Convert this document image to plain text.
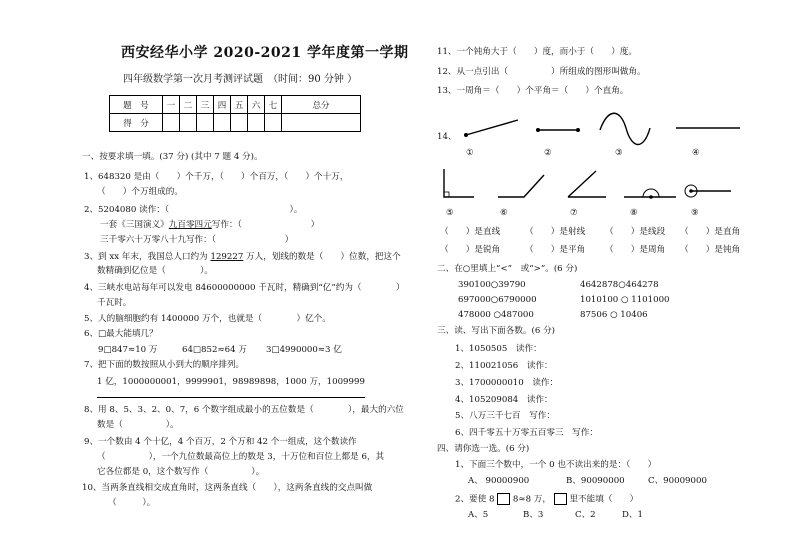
西安经华小学 2020-2021 学年度第一学期
四年级数学第一次月考测评试题　（时间：90 分钟 ）
题　号	一	二	三	四	五	六	七	总分
得　分								
一、按要求填一填。(37 分) (其中 7 题 4 分)。
1、648320 是由（　　）个千万，（　　）个百万，（　　）个十万，
（　　）个万组成的。
2、5204080 读作：（　　　　　　　　　　　　　　）。
一套《三国演义》九百零四元写作：（　　　　　　　　）
三千零六十万零八十九写作：（　　　　　　　　）
3、到 xx 年末，我国总人口约为 129227 万人，划线的数是（　　）位数，把这个
数精确到亿位是（　　　　）。
4、三峡水电站每年可以发电 84600000000 千瓦时，精确到“亿”约为（　　　　）
千瓦时。
5、人的脑细胞约有 1400000 万个，也就是（　　　　）亿个。
6、□最大能填几？
9□847≈10 万	64□852≈64 万 3□4990000≈3 亿
7、把下面的数按照从小到大的顺序排列。
1 亿，1000000001，9999901，98989898，1000 万，1009999
8、用 8、5、3、2、0、7，6 个数字组成最小的五位数是（　　　　），最大的六位
数是（　　　　　）。
9、一个数由 4 个十亿，4 个百万，2 个万和 42 个一组成，这个数读作
（　　　　　），一个九位数最高位上的数是 3，十万位和百位上都是 6，其
它各位都是 0，这个数写作（　　　　　）。
10、当两条直线相交成直角时，这两条直线（　　），这两条直线的交点叫做
（　　　）。
11、一个钝角大于（　　）度，而小于（　　）度。
12、从一点引出（　　　　　）所组成的图形叫做角。
13、一周角＝（　　）个平角＝（　　）个直角。
14、
①	②	③	④
⑤	⑥	⑦	⑧	⑨
（　　）是直线	（　　）是射线 （　　）是线段 （　　）是直角
（　　）是锐角	（　　）是平角 （　　）是周角 （　　）是钝角
二、在○里填上“<”　或“>”。(6 分)
390100○39790	4642878○464278
697000○6790000	1010100 ○ 1101000
478000 ○487000	87506 ○ 10406
三、读、写出下面各数。(6 分)
1、1050505　读作：
2、110021056　读作：
3、1700000010　读作：
4、105209084　读作：
5、八万三千七百　写作：
6、四千零五十万零五百零三　写作：
四、请你选一选。(6 分)
1、下面三个数中，一个 0 也不读出来的是：（　　）
A、 90000900	B、90090000	C、90009000
2、要使 8 8≈8 万， 里不能填（　　）
A、5	B、3	C、2	D、1
